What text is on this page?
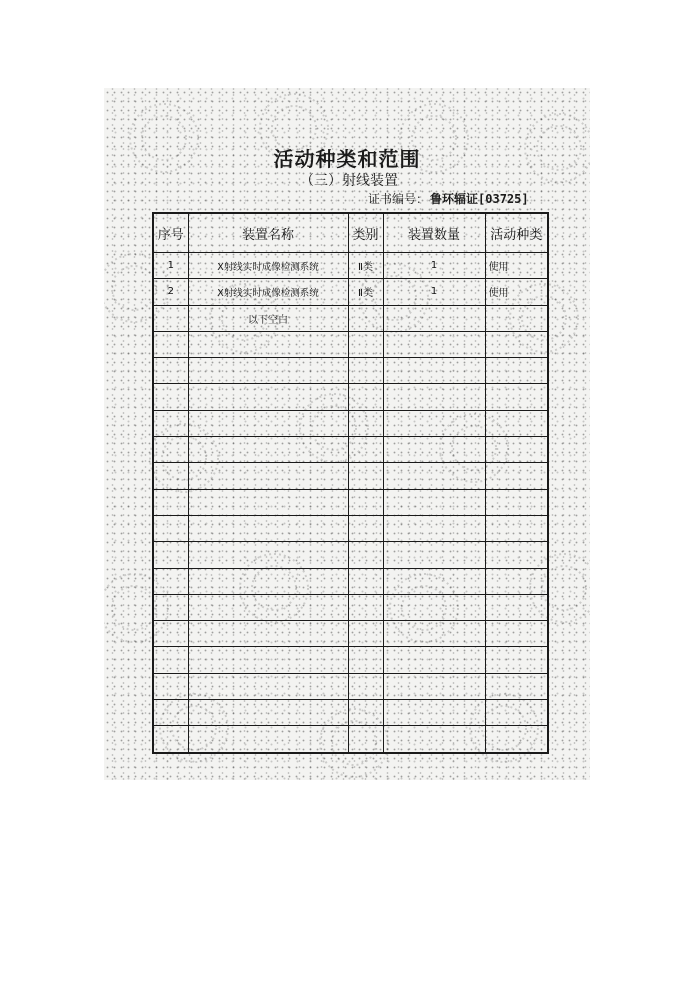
活动种类和范围
（三）射线装置
证书编号： 鲁环辐证[03725]
序号	装置名称	类别	装置数量	活动种类
1	X射线实时成像检测系统	Ⅱ类	1	使用
2	X射线实时成像检测系统	Ⅱ类	1	使用
	以下空白			
